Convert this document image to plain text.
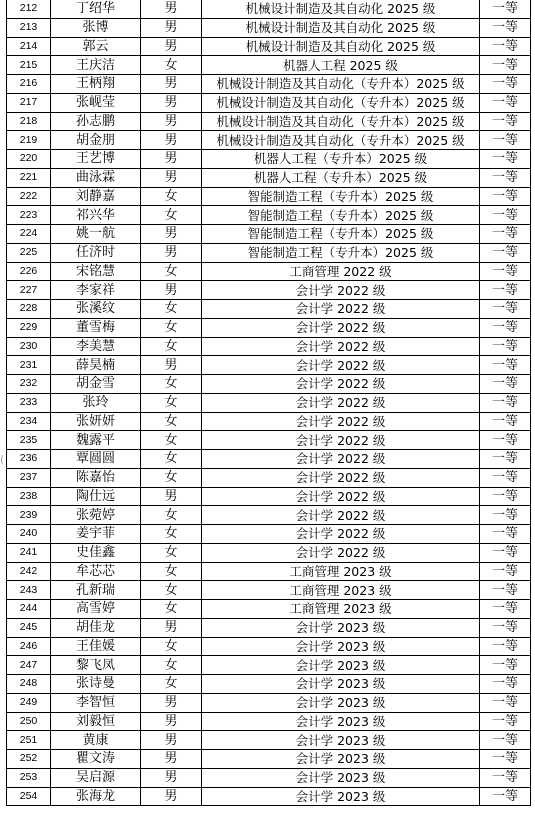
(
212	丁绍华	男	机械设计制造及其自动化 2025 级	一等
213	张博	男	机械设计制造及其自动化 2025 级	一等
214	郭云	男	机械设计制造及其自动化 2025 级	一等
215	王庆洁	女	机器人工程 2025 级	一等
216	王柄翔	男	机械设计制造及其自动化（专升本）2025 级	一等
217	张岘莹	男	机械设计制造及其自动化（专升本）2025 级	一等
218	孙志鹏	男	机械设计制造及其自动化（专升本）2025 级	一等
219	胡金朋	男	机械设计制造及其自动化（专升本）2025 级	一等
220	王艺博	男	机器人工程（专升本）2025 级	一等
221	曲泳霖	男	机器人工程（专升本）2025 级	一等
222	刘静嘉	女	智能制造工程（专升本）2025 级	一等
223	祁兴华	女	智能制造工程（专升本）2025 级	一等
224	姚一航	男	智能制造工程（专升本）2025 级	一等
225	任济时	男	智能制造工程（专升本）2025 级	一等
226	宋铭慧	女	工商管理 2022 级	一等
227	李家祥	男	会计学 2022 级	一等
228	张溪纹	女	会计学 2022 级	一等
229	董雪梅	女	会计学 2022 级	一等
230	李美慧	女	会计学 2022 级	一等
231	薛昊楠	男	会计学 2022 级	一等
232	胡金雪	女	会计学 2022 级	一等
233	张玲	女	会计学 2022 级	一等
234	张妍妍	女	会计学 2022 级	一等
235	魏露平	女	会计学 2022 级	一等
236	覃圆圆	女	会计学 2022 级	一等
237	陈嘉怡	女	会计学 2022 级	一等
238	陶仕远	男	会计学 2022 级	一等
239	张菀婷	女	会计学 2022 级	一等
240	姜宇菲	女	会计学 2022 级	一等
241	史佳鑫	女	会计学 2022 级	一等
242	牟芯芯	女	工商管理 2023 级	一等
243	孔新瑞	女	工商管理 2023 级	一等
244	高雪婷	女	工商管理 2023 级	一等
245	胡佳龙	男	会计学 2023 级	一等
246	王佳媛	女	会计学 2023 级	一等
247	黎飞凤	女	会计学 2023 级	一等
248	张诗曼	女	会计学 2023 级	一等
249	李智恒	男	会计学 2023 级	一等
250	刘毅恒	男	会计学 2023 级	一等
251	黄康	男	会计学 2023 级	一等
252	瞿文涛	男	会计学 2023 级	一等
253	吴启源	男	会计学 2023 级	一等
254	张海龙	男	会计学 2023 级	一等
